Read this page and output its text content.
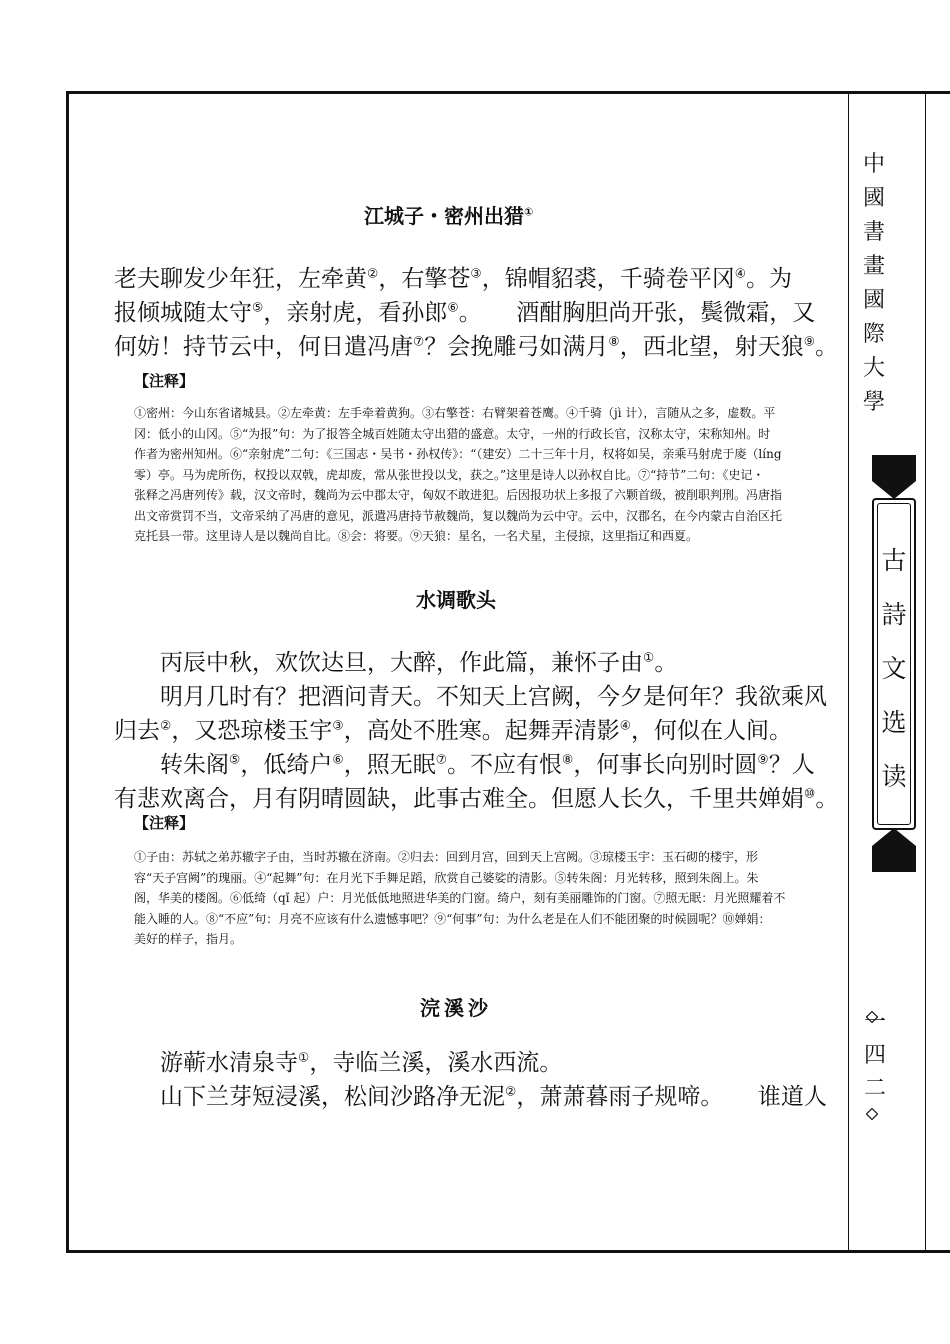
中國書畫國際大學
古詩文选读
一四二
江城子・密州出猎①
老夫聊发少年狂，左牵黄②，右擎苍③，锦帽貂裘，千骑卷平冈④。为
报倾城随太守⑤，亲射虎，看孙郎⑥。　　酒酣胸胆尚开张，鬓微霜，又
何妨！持节云中，何日遣冯唐⑦？会挽雕弓如满月⑧，西北望，射天狼⑨。
【注释】
①密州：今山东省诸城县。②左牵黄：左手牵着黄狗。③右擎苍：右臂架着苍鹰。④千骑（jì 计），言随从之多，虚数。平
冈：低小的山冈。⑤“为报”句：为了报答全城百姓随太守出猎的盛意。太守，一州的行政长官，汉称太守，宋称知州。时
作者为密州知州。⑥“亲射虎”二句：《三国志・吴书・孙权传》：“（建安）二十三年十月，权将如吴，亲乘马射虎于庱（líng
零）亭。马为虎所伤，权投以双戟，虎却废，常从张世投以戈，获之。”这里是诗人以孙权自比。⑦“持节”二句：《史记・
张释之冯唐列传》载，汉文帝时，魏尚为云中郡太守，匈奴不敢进犯。后因报功状上多报了六颗首级，被削职判刑。冯唐指
出文帝赏罚不当，文帝采纳了冯唐的意见，派遣冯唐持节赦魏尚，复以魏尚为云中守。云中，汉郡名，在今内蒙古自治区托
克托县一带。这里诗人是以魏尚自比。⑧会：将要。⑨天狼：星名，一名犬星，主侵掠，这里指辽和西夏。
水调歌头
　　丙辰中秋，欢饮达旦，大醉，作此篇，兼怀子由①。
　　明月几时有？把酒问青天。不知天上宫阙，今夕是何年？我欲乘风
归去②，又恐琼楼玉宇③，高处不胜寒。起舞弄清影④，何似在人间。
　　转朱阁⑤，低绮户⑥，照无眠⑦。不应有恨⑧，何事长向别时圆⑨？人
有悲欢离合，月有阴晴圆缺，此事古难全。但愿人长久，千里共婵娟⑩。
【注释】
①子由：苏轼之弟苏辙字子由，当时苏辙在济南。②归去：回到月宫，回到天上宫阙。③琼楼玉宇：玉石砌的楼宇，形
容“天子宫阙”的瑰丽。④“起舞”句：在月光下手舞足蹈，欣赏自己婆娑的清影。⑤转朱阁：月光转移，照到朱阁上。朱
阁，华美的楼阁。⑥低绮（qǐ 起）户：月光低低地照进华美的门窗。绮户，刻有美丽雕饰的门窗。⑦照无眠：月光照耀着不
能入睡的人。⑧“不应”句：月亮不应该有什么遗憾事吧？⑨“何事”句：为什么老是在人们不能团聚的时候圆呢？⑩婵娟：
美好的样子，指月。
浣溪沙
　　游蕲水清泉寺①，寺临兰溪，溪水西流。
　　山下兰芽短浸溪，松间沙路净无泥②，萧萧暮雨子规啼。　　谁道人
